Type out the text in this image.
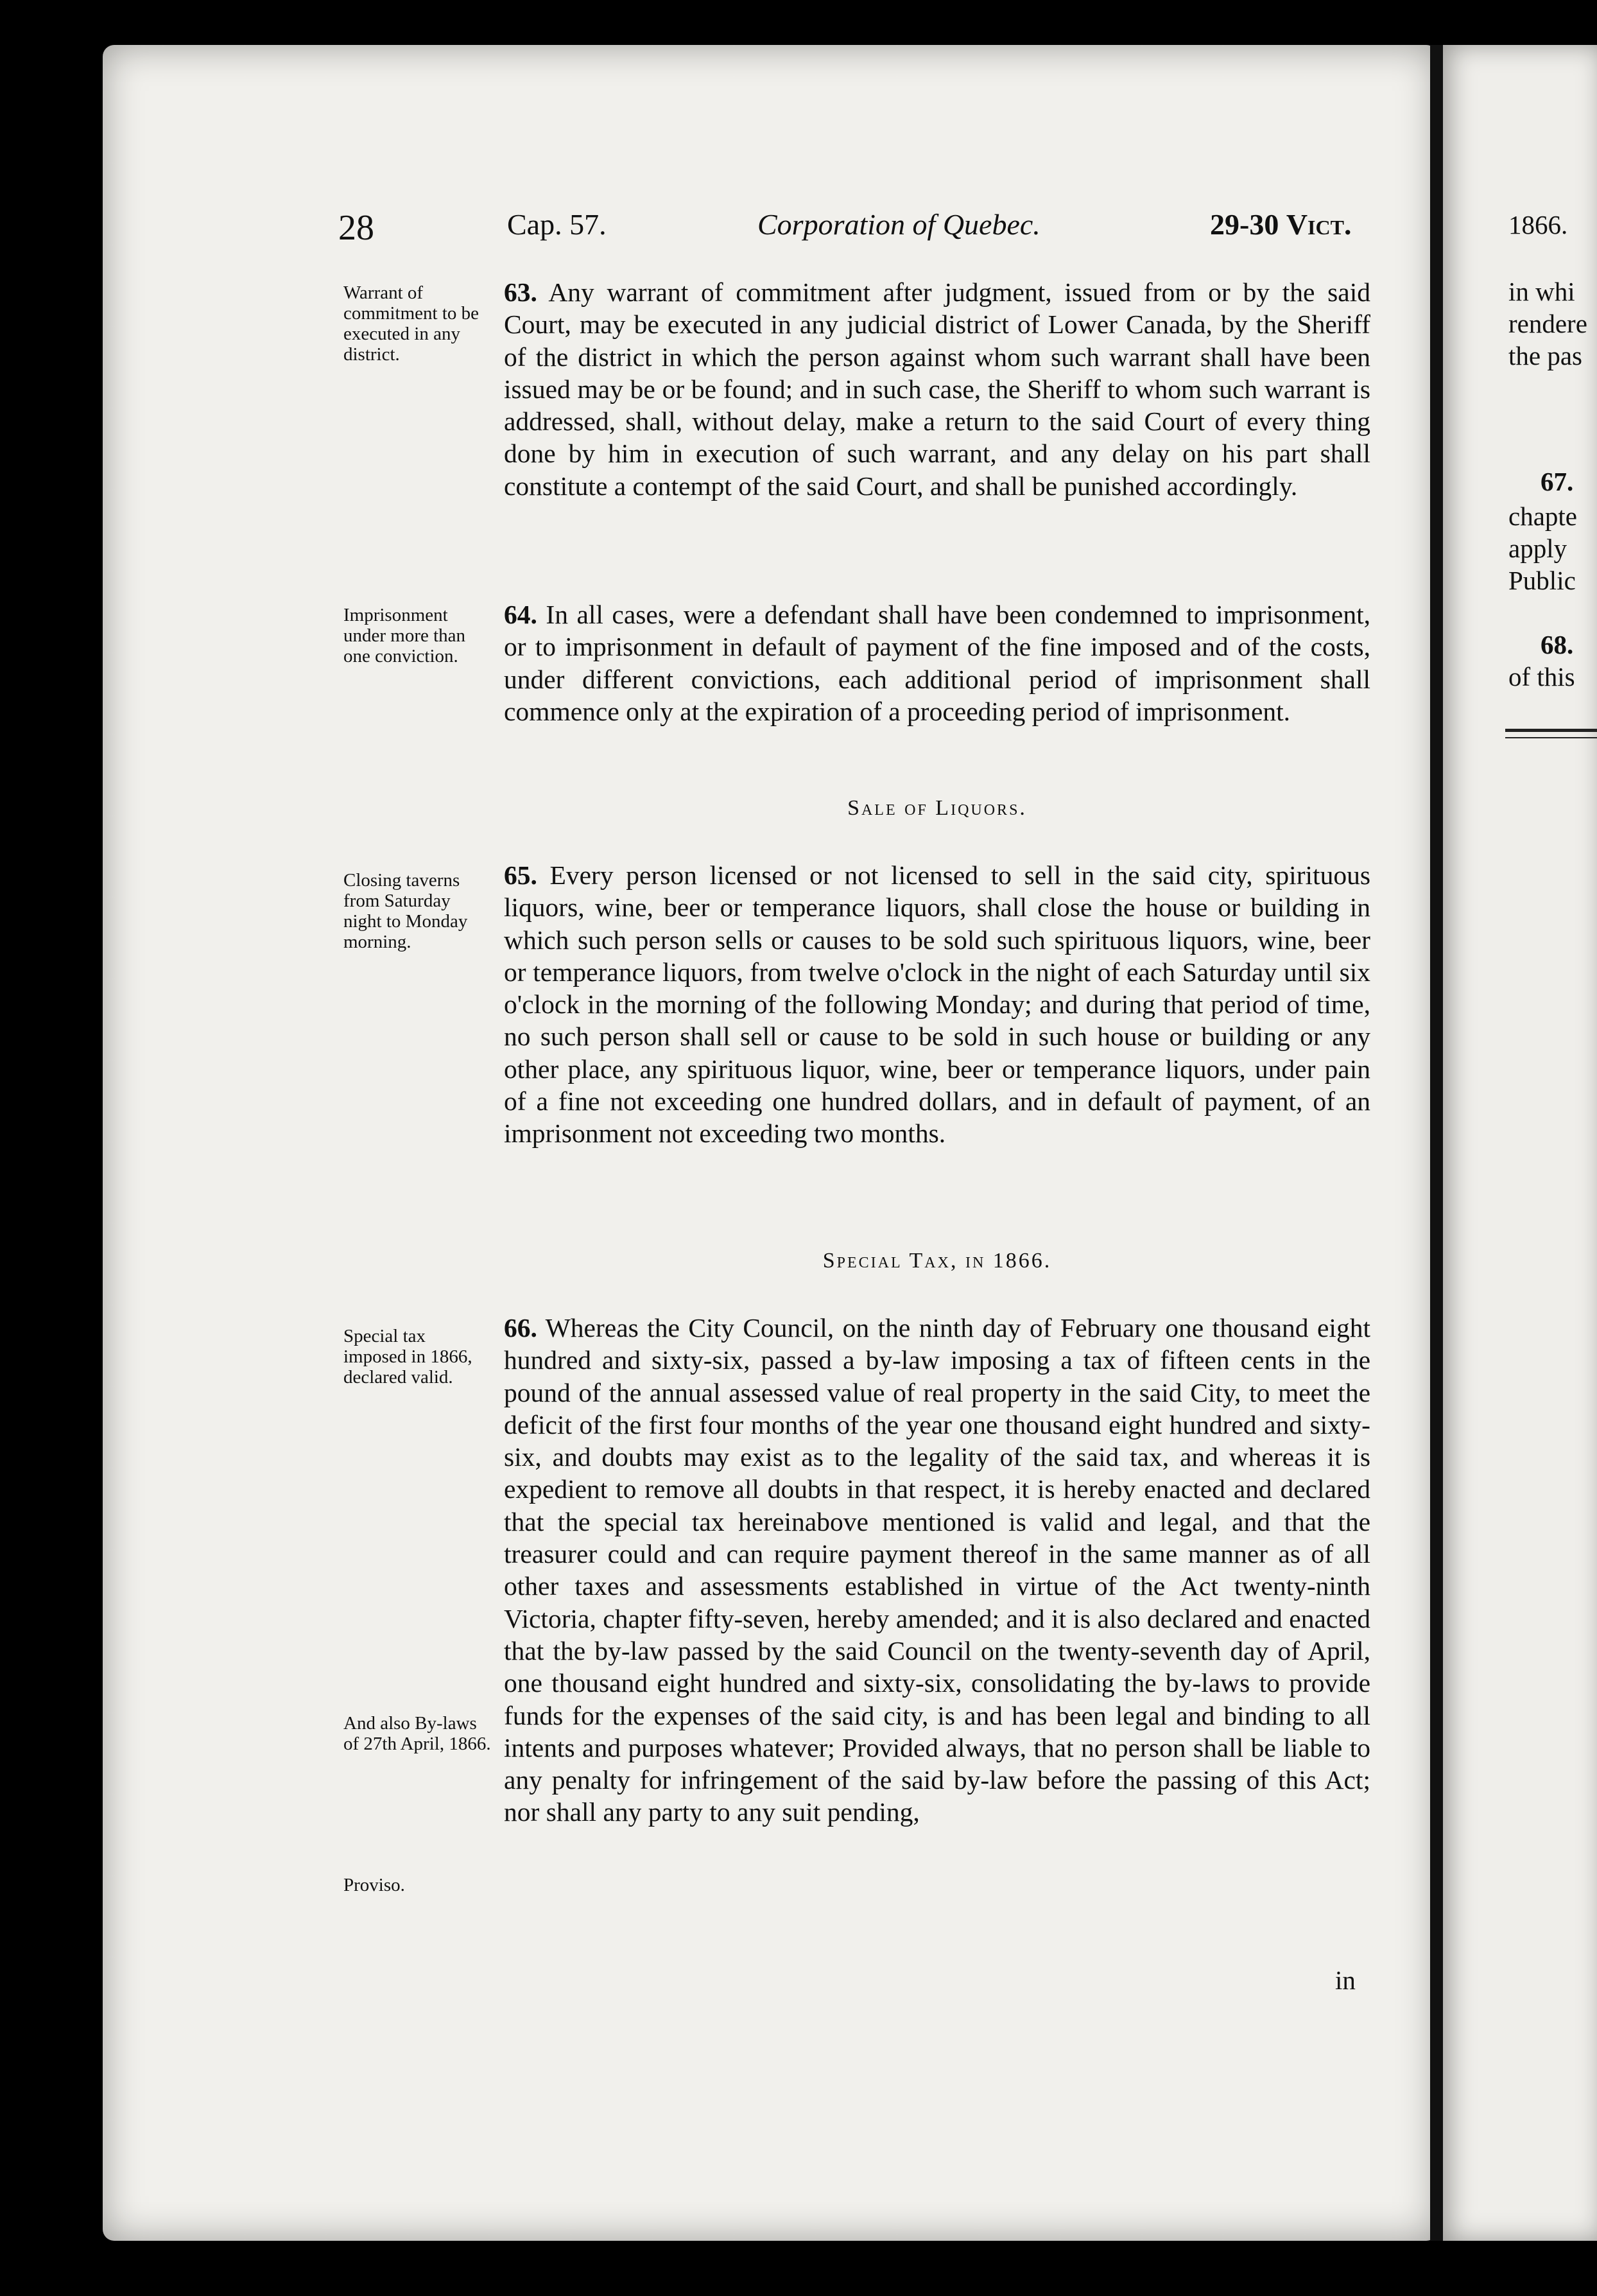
28	Cap. 57.	Corporation of Quebec.	29-30 Vict.
Warrant of commitment to be executed in any district.
63. Any warrant of commitment after judgment, issued from or by the said Court, may be executed in any judicial district of Lower Canada, by the Sheriff of the district in which the person against whom such warrant shall have been issued may be or be found; and in such case, the Sheriff to whom such warrant is addressed, shall, without delay, make a return to the said Court of every thing done by him in execution of such warrant, and any delay on his part shall constitute a contempt of the said Court, and shall be punished accordingly.
Imprisonment under more than one conviction.
64. In all cases, were a defendant shall have been condemned to imprisonment, or to imprisonment in default of payment of the fine imposed and of the costs, under different convictions, each additional period of imprisonment shall commence only at the expiration of a proceeding period of imprisonment.
Sale of Liquors.
Closing taverns from Saturday night to Monday morning.
65. Every person licensed or not licensed to sell in the said city, spirituous liquors, wine, beer or temperance liquors, shall close the house or building in which such person sells or causes to be sold such spirituous liquors, wine, beer or temperance liquors, from twelve o'clock in the night of each Saturday until six o'clock in the morning of the following Monday; and during that period of time, no such person shall sell or cause to be sold in such house or building or any other place, any spirituous liquor, wine, beer or temperance liquors, under pain of a fine not exceeding one hundred dollars, and in default of payment, of an imprisonment not exceeding two months.
Special Tax, in 1866.
Special tax imposed in 1866, declared valid.
And also By-laws of 27th April, 1866.
Proviso.
66. Whereas the City Council, on the ninth day of February one thousand eight hundred and sixty-six, passed a by-law imposing a tax of fifteen cents in the pound of the annual assessed value of real property in the said City, to meet the deficit of the first four months of the year one thousand eight hundred and sixty-six, and doubts may exist as to the legality of the said tax, and whereas it is expedient to remove all doubts in that respect, it is hereby enacted and declared that the special tax hereinabove mentioned is valid and legal, and that the treasurer could and can require payment thereof in the same manner as of all other taxes and assessments established in virtue of the Act twenty-ninth Victoria, chapter fifty-seven, hereby amended; and it is also declared and enacted that the by-law passed by the said Council on the twenty-seventh day of April, one thousand eight hundred and sixty-six, consolidating the by-laws to provide funds for the expenses of the said city, is and has been legal and binding to all intents and purposes whatever; Provided always, that no person shall be liable to any penalty for infringement of the said by-law before the passing of this Act; nor shall any party to any suit pending,
in
1866.
in whi
rendere
the pas
67.
chapte
apply
Public
68.
of this
